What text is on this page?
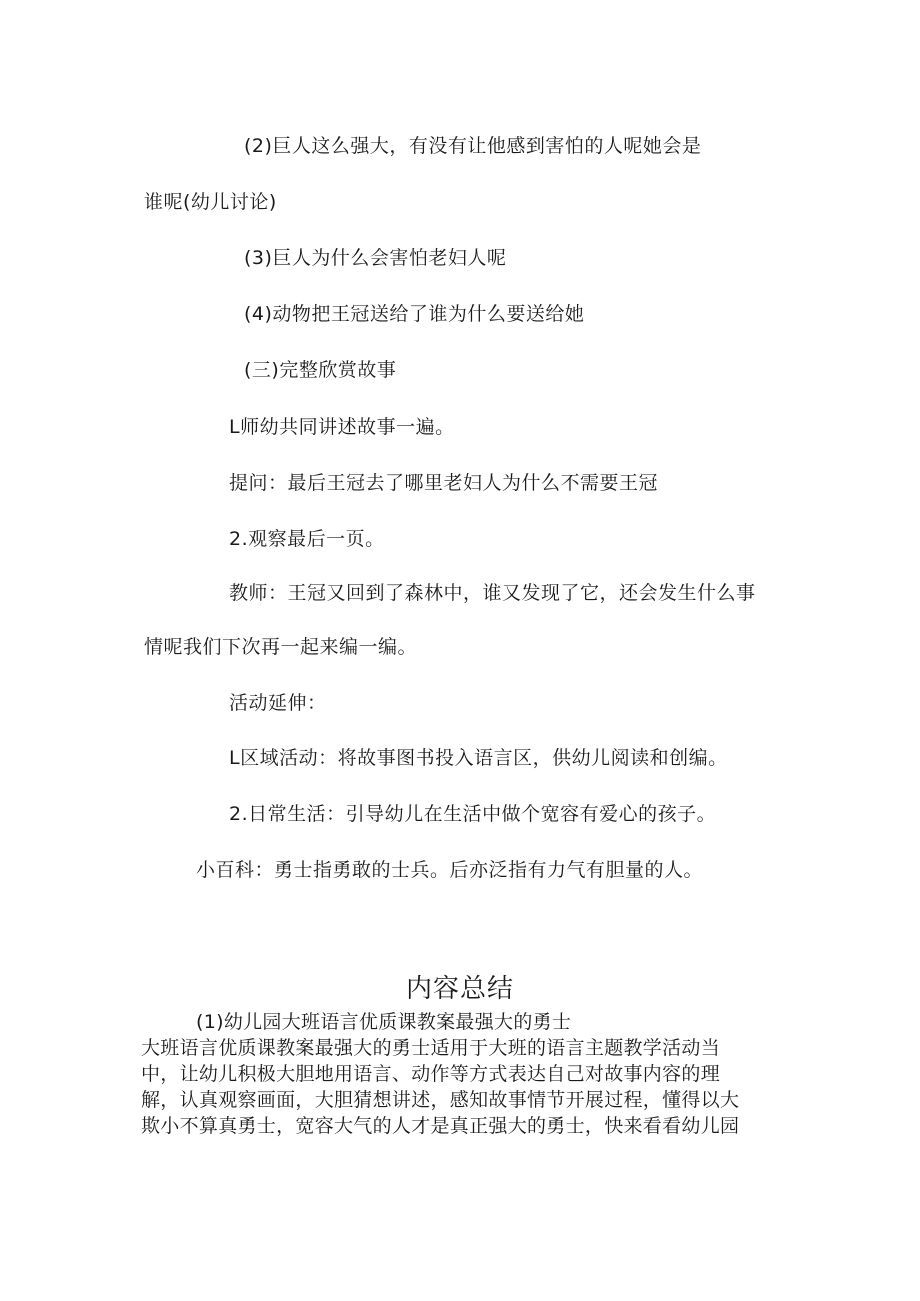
(2)巨人这么强大，有没有让他感到害怕的人呢她会是
谁呢(幼儿讨论)
(3)巨人为什么会害怕老妇人呢
(4)动物把王冠送给了谁为什么要送给她
(三)完整欣赏故事
L师幼共同讲述故事一遍。
提问：最后王冠去了哪里老妇人为什么不需要王冠
2.观察最后一页。
教师：王冠又回到了森林中，谁又发现了它，还会发生什么事
情呢我们下次再一起来编一编。
活动延伸：
L区域活动：将故事图书投入语言区，供幼儿阅读和创编。
2.日常生活：引导幼儿在生活中做个宽容有爱心的孩子。
小百科：勇士指勇敢的士兵。后亦泛指有力气有胆量的人。
内容总结
(1)幼儿园大班语言优质课教案最强大的勇士
大班语言优质课教案最强大的勇士适用于大班的语言主题教学活动当
中，让幼儿积极大胆地用语言、动作等方式表达自己对故事内容的理
解，认真观察画面，大胆猜想讲述，感知故事情节开展过程，懂得以大
欺小不算真勇士，宽容大气的人才是真正强大的勇士，快来看看幼儿园
